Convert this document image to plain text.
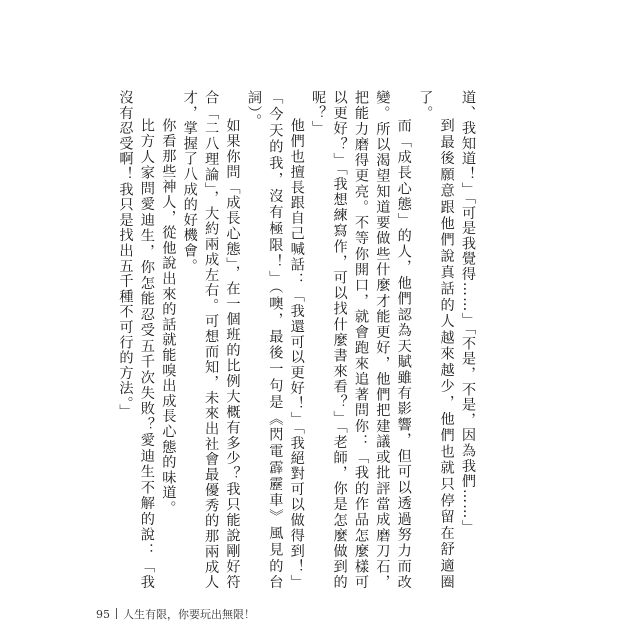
道、我知道！」「可是我覺得……」「不是，不是，因為我們……」

到最後願意跟他們說真話的人越來越少，他們也就只停留在舒適圈了。

而「成長心態」的人，他們認為天賦雖有影響，但可以透過努力而改變。所以渴望知道要做些什麼才能更好，他們把建議或批評當成磨刀石，把能力磨得更亮。不等你開口，就會跑來追著問你：「我的作品怎麼樣可以更好？」「我想練寫作，可以找什麼書來看？」「老師，你是怎麼做到的呢？」

他們也擅長跟自己喊話：「我還可以更好！」「我絕對可以做得到！」「今天的我，沒有極限！」（噢，最後一句是《閃電霹靂車》風見的台詞）。

如果你問「成長心態」，在一個班的比例大概有多少？我只能說剛好符合「二八理論」，大約兩成左右。可想而知，未來出社會最優秀的那兩成人才，掌握了八成的好機會。

你看那些神人，從他說出來的話就能嗅出成長心態的味道。

比方人家問愛迪生，你怎能忍受五千次失敗？愛迪生不解的說：「我沒有忍受啊！我只是找出五千種不可行的方法。」

95 人生有限，你要玩出無限！
